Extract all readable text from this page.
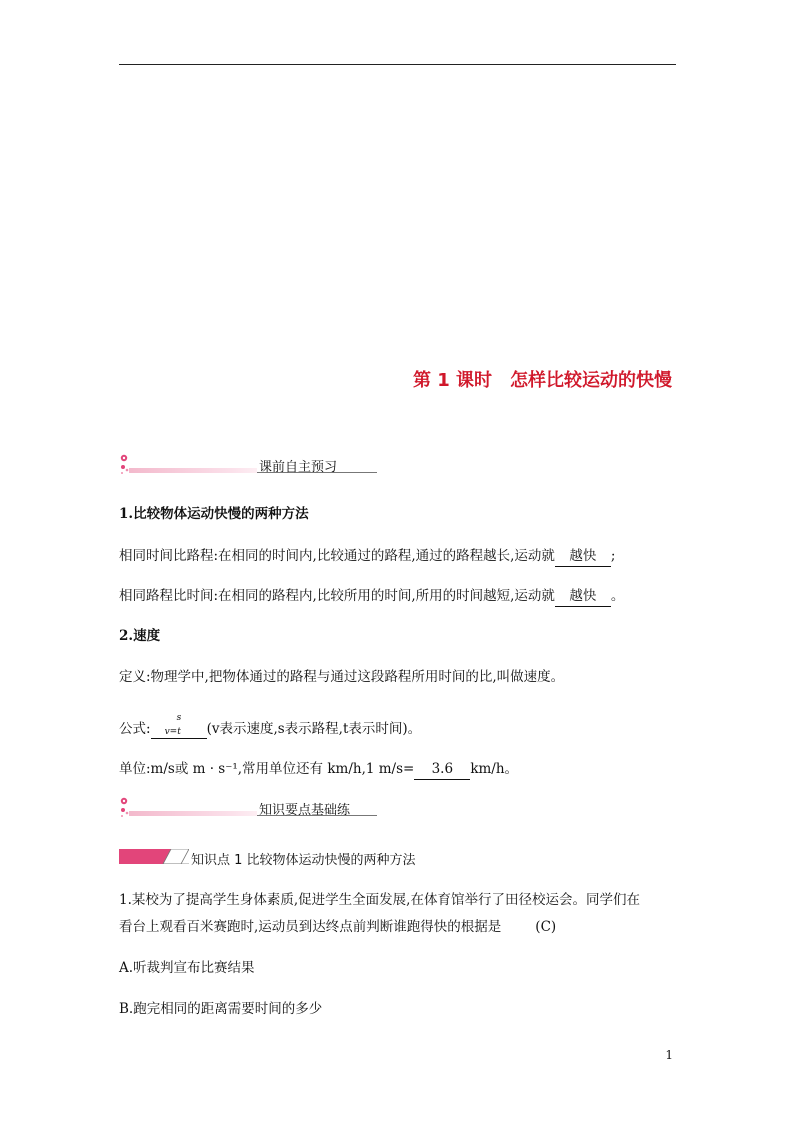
第 1 课时 怎样比较运动的快慢
课前自主预习
1.比较物体运动快慢的两种方法
相同时间比路程:在相同的时间内,比较通过的路程,通过的路程越长,运动就 越快 ;
相同路程比时间:在相同的路程内,比较所用的时间,所用的时间越短,运动就 越快 。
2.速度
定义:物理学中,把物体通过的路程与通过这段路程所用时间的比,叫做速度。
公式:
s
v=t (v表示速度,s表示路程,t表示时间)。
单位:m/s或 m · s⁻¹,常用单位还有 km/h,1 m/s= 3.6 km/h。
知识要点基础练
知识点 1 比较物体运动快慢的两种方法
1.某校为了提高学生身体素质,促进学生全面发展,在体育馆举行了田径校运会。同学们在
看台上观看百米赛跑时,运动员到达终点前判断谁跑得快的根据是	(C)
A.听裁判宣布比赛结果
B.跑完相同的距离需要时间的多少
1
